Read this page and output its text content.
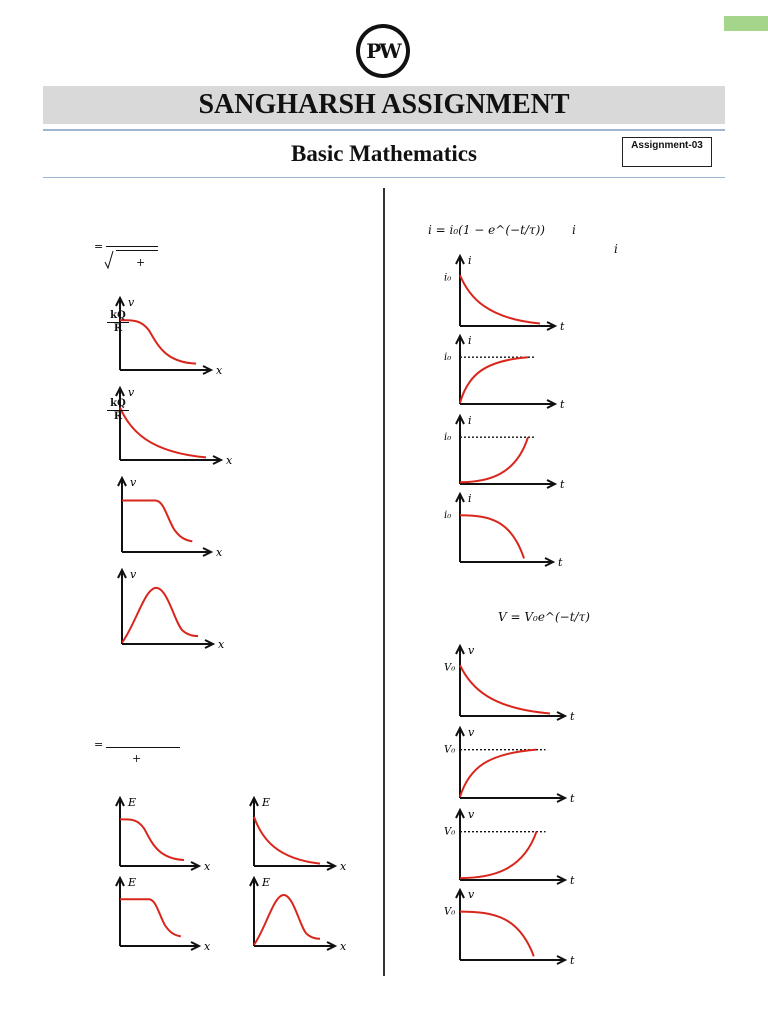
PW
SANGHARSH ASSIGNMENT
Basic Mathematics	Assignment-03
=
+
=
+
i = i₀(1 − e^(−t/τ)) i
i
V = V₀e^(−t/τ)
v
x
v
x
v
x
v
x
E
x
E
x
E
x
E
x
i
t
i₀
i
t
i₀
i
t
i₀
i
t
i₀
v
t
V₀
v
t
V₀
v
t
V₀
v
t
V₀
kQ
R
kQ
R
